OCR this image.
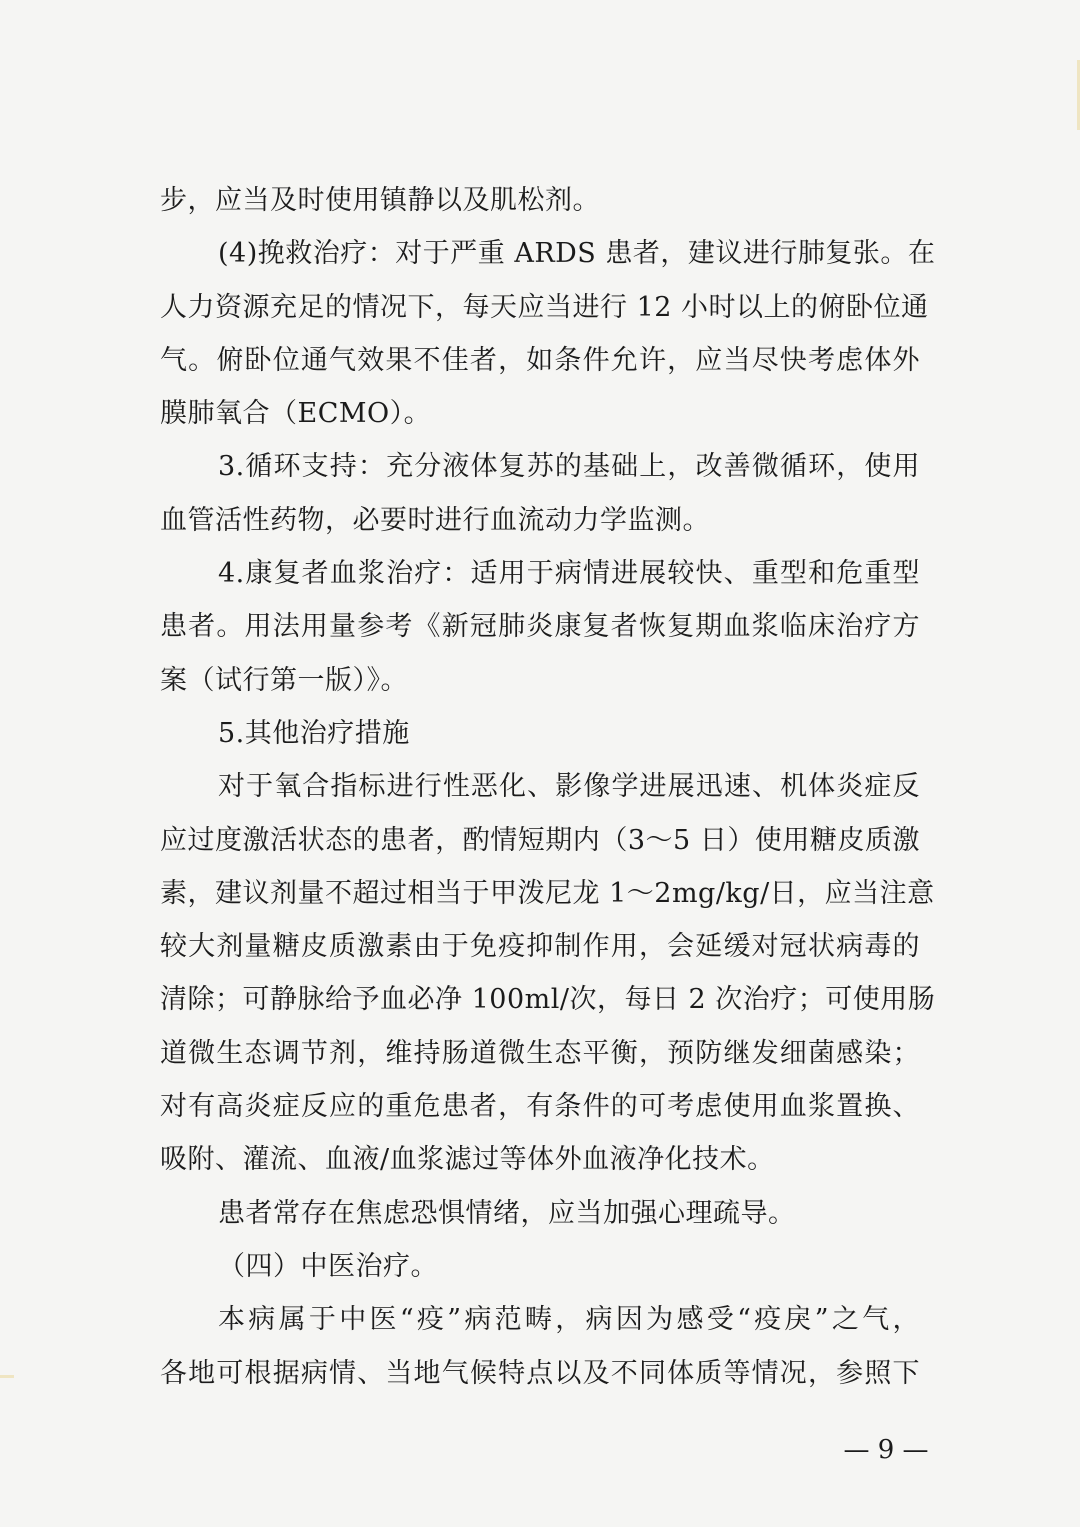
步，应当及时使用镇静以及肌松剂。
(4)挽救治疗：对于严重 ARDS 患者，建议进行肺复张。在
人力资源充足的情况下，每天应当进行 12 小时以上的俯卧位通
气。俯卧位通气效果不佳者，如条件允许，应当尽快考虑体外
膜肺氧合（ECMO）。
3.循环支持：充分液体复苏的基础上，改善微循环，使用
血管活性药物，必要时进行血流动力学监测。
4.康复者血浆治疗：适用于病情进展较快、重型和危重型
患者。用法用量参考《新冠肺炎康复者恢复期血浆临床治疗方
案（试行第一版）》。
5.其他治疗措施
对于氧合指标进行性恶化、影像学进展迅速、机体炎症反
应过度激活状态的患者，酌情短期内（3～5 日）使用糖皮质激
素，建议剂量不超过相当于甲泼尼龙 1～2mg/kg/日，应当注意
较大剂量糖皮质激素由于免疫抑制作用，会延缓对冠状病毒的
清除；可静脉给予血必净 100ml/次，每日 2 次治疗；可使用肠
道微生态调节剂，维持肠道微生态平衡，预防继发细菌感染；
对有高炎症反应的重危患者，有条件的可考虑使用血浆置换、
吸附、灌流、血液/血浆滤过等体外血液净化技术。
患者常存在焦虑恐惧情绪，应当加强心理疏导。
（四）中医治疗。
本病属于中医“疫”病范畴，病因为感受“疫戾”之气，
各地可根据病情、当地气候特点以及不同体质等情况，参照下
— 9 —
